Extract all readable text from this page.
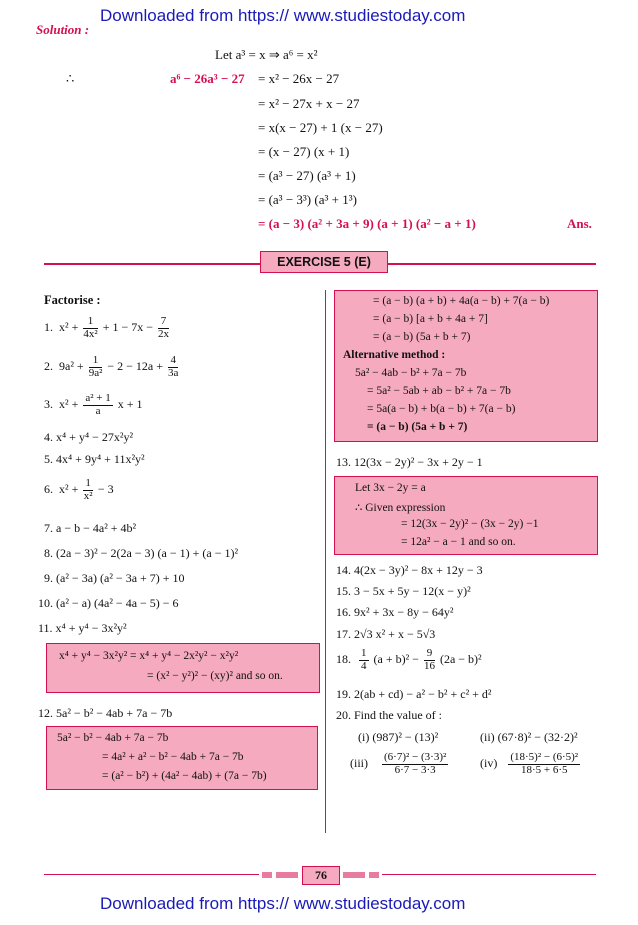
Downloaded from https:// www.studiestoday.com
Solution :
Let a³ = x ⇒ a⁶ = x²
∴	a⁶ − 26a³ − 27 = x² − 26x − 27
= x² − 27x + x − 27
= x(x − 27) + 1 (x − 27)
= (x − 27) (x + 1)
= (a³ − 27) (a³ + 1)
= (a³ − 3³) (a³ + 1³)
= (a − 3) (a² + 3a + 9) (a + 1) (a² − a + 1)	Ans.
EXERCISE 5 (E)
Factorise :
1. $x^2 + \frac{1}{\text{4x²}} + 1 - 7x - \frac{7}{2x}$
2. $9a^2 + \frac{1}{\text{9a²}} - 2 - 12a + \frac{4}{3a}$
3. $x^2 + \frac{\text{a² + 1}}{a}$ x + 1
4. x⁴ + y⁴ − 27x²y²
5. 4x⁴ + 9y⁴ + 11x²y²
6. $x^2 + \frac{1}{\text{x²}} - 3$
7. a − b − 4a² + 4b²
8. (2a − 3)² − 2(2a − 3) (a − 1) + (a − 1)²
9. (a² − 3a) (a² − 3a + 7) + 10
10. (a² − a) (4a² − 4a − 5) − 6
11. x⁴ + y⁴ − 3x²y²
x⁴ + y⁴ − 3x²y² = x⁴ + y⁴ − 2x²y² − x²y²
= (x² − y²)² − (xy)² and so on.
12. 5a² − b² − 4ab + 7a − 7b
5a² − b² − 4ab + 7a − 7b
= 4a² + a² − b² − 4ab + 7a − 7b
= (a² − b²) + (4a² − 4ab) + (7a − 7b)
= (a − b) (a + b) + 4a(a − b) + 7(a − b)
= (a − b) [a + b + 4a + 7]
= (a − b) (5a + b + 7)
Alternative method :
5a² − 4ab − b² + 7a − 7b
= 5a² − 5ab + ab − b² + 7a − 7b
= 5a(a − b) + b(a − b) + 7(a − b)
= (a − b) (5a + b + 7)
13. 12(3x − 2y)² − 3x + 2y − 1
Let 3x − 2y = a
∴ Given expression
= 12(3x − 2y)² − (3x − 2y) −1
= 12a² − a − 1 and so on.
14. 4(2x − 3y)² − 8x + 12y − 3
15. 3 − 5x + 5y − 12(x − y)²
16. 9x² + 3x − 8y − 64y²
17. 2√3 x² + x − 5√3
18. $\frac{1}{4} (a + b)^2 - \frac{9}{16} (2a - b)^2$
19. 2(ab + cd) − a² − b² + c² + d²
20. Find the value of :
(i) (987)² − (13)²	(ii) (67·8)² − (32·2)²
$(iii) \frac{\text{(6·7)² − (3·3)²}}{6\cdot 7 - 3\cdot 3}$	$(iv) \frac{\text{(18·5)² − (6·5)²}}{18\cdot 5 + 6\cdot 5}$
76
Downloaded from https:// www.studiestoday.com
